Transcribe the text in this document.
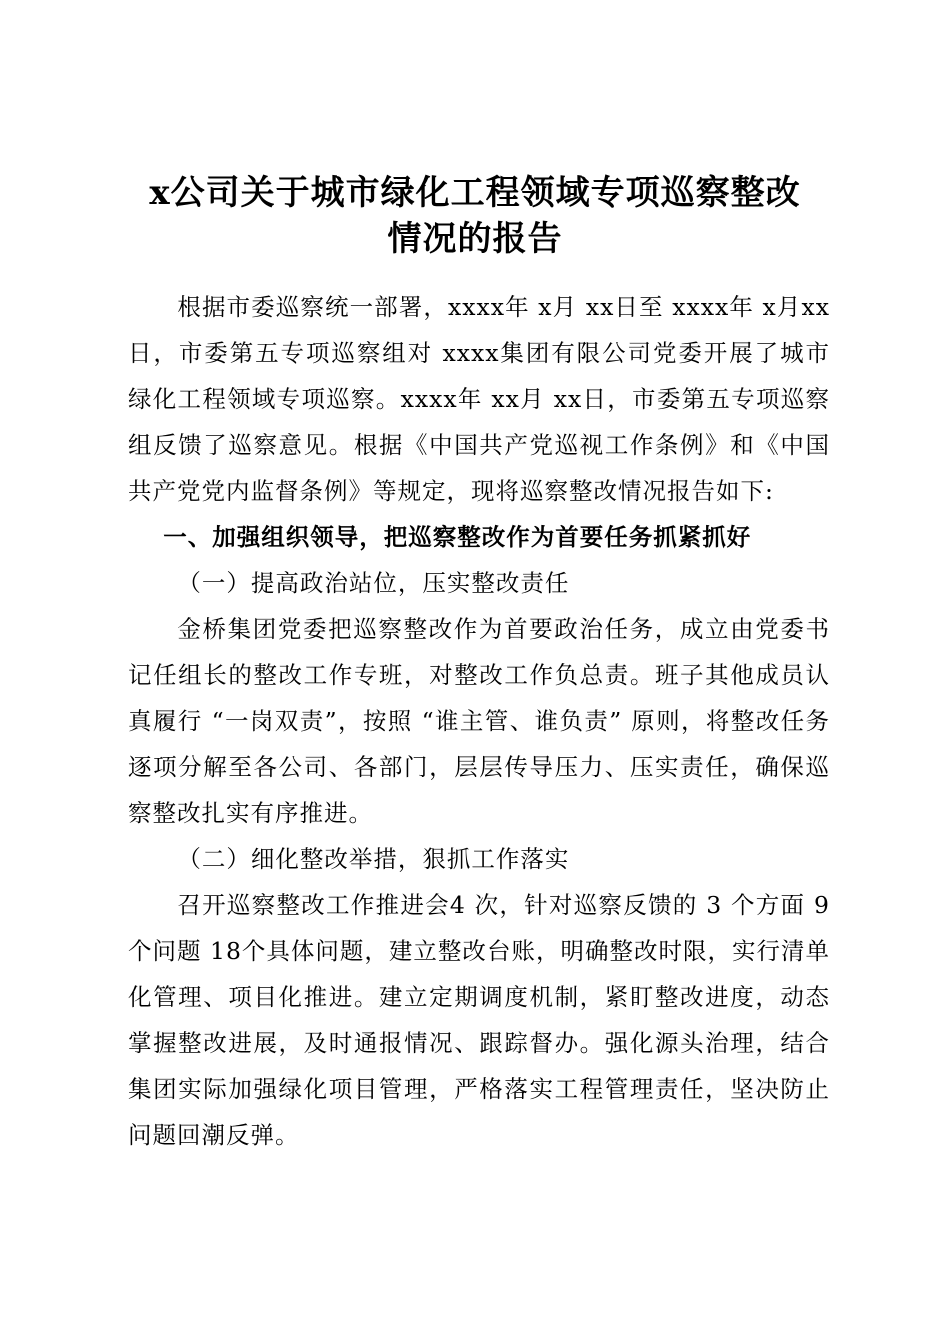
x公司关于城市绿化工程领域专项巡察整改
情况的报告

根据市委巡察统一部署，xxxx年 x月 xx日至 xxxx年 x月xx日，市委第五专项巡察组对 xxxx集团有限公司党委开展了城市绿化工程领域专项巡察。xxxx年 xx月 xx日，市委第五专项巡察组反馈了巡察意见。根据《中国共产党巡视工作条例》和《中国共产党党内监督条例》等规定，现将巡察整改情况报告如下:

一、加强组织领导，把巡察整改作为首要任务抓紧抓好

（一）提高政治站位，压实整改责任

金桥集团党委把巡察整改作为首要政治任务，成立由党委书记任组长的整改工作专班，对整改工作负总责。班子其他成员认真履行 “一岗双责”，按照 “谁主管、谁负责” 原则，将整改任务逐项分解至各公司、各部门，层层传导压力、压实责任，确保巡察整改扎实有序推进。

（二）细化整改举措，狠抓工作落实

召开巡察整改工作推进会4 次，针对巡察反馈的 3 个方面 9个问题 18个具体问题，建立整改台账，明确整改时限，实行清单化管理、项目化推进。建立定期调度机制，紧盯整改进度，动态掌握整改进展，及时通报情况、跟踪督办。强化源头治理，结合集团实际加强绿化项目管理，严格落实工程管理责任，坚决防止问题回潮反弹。
